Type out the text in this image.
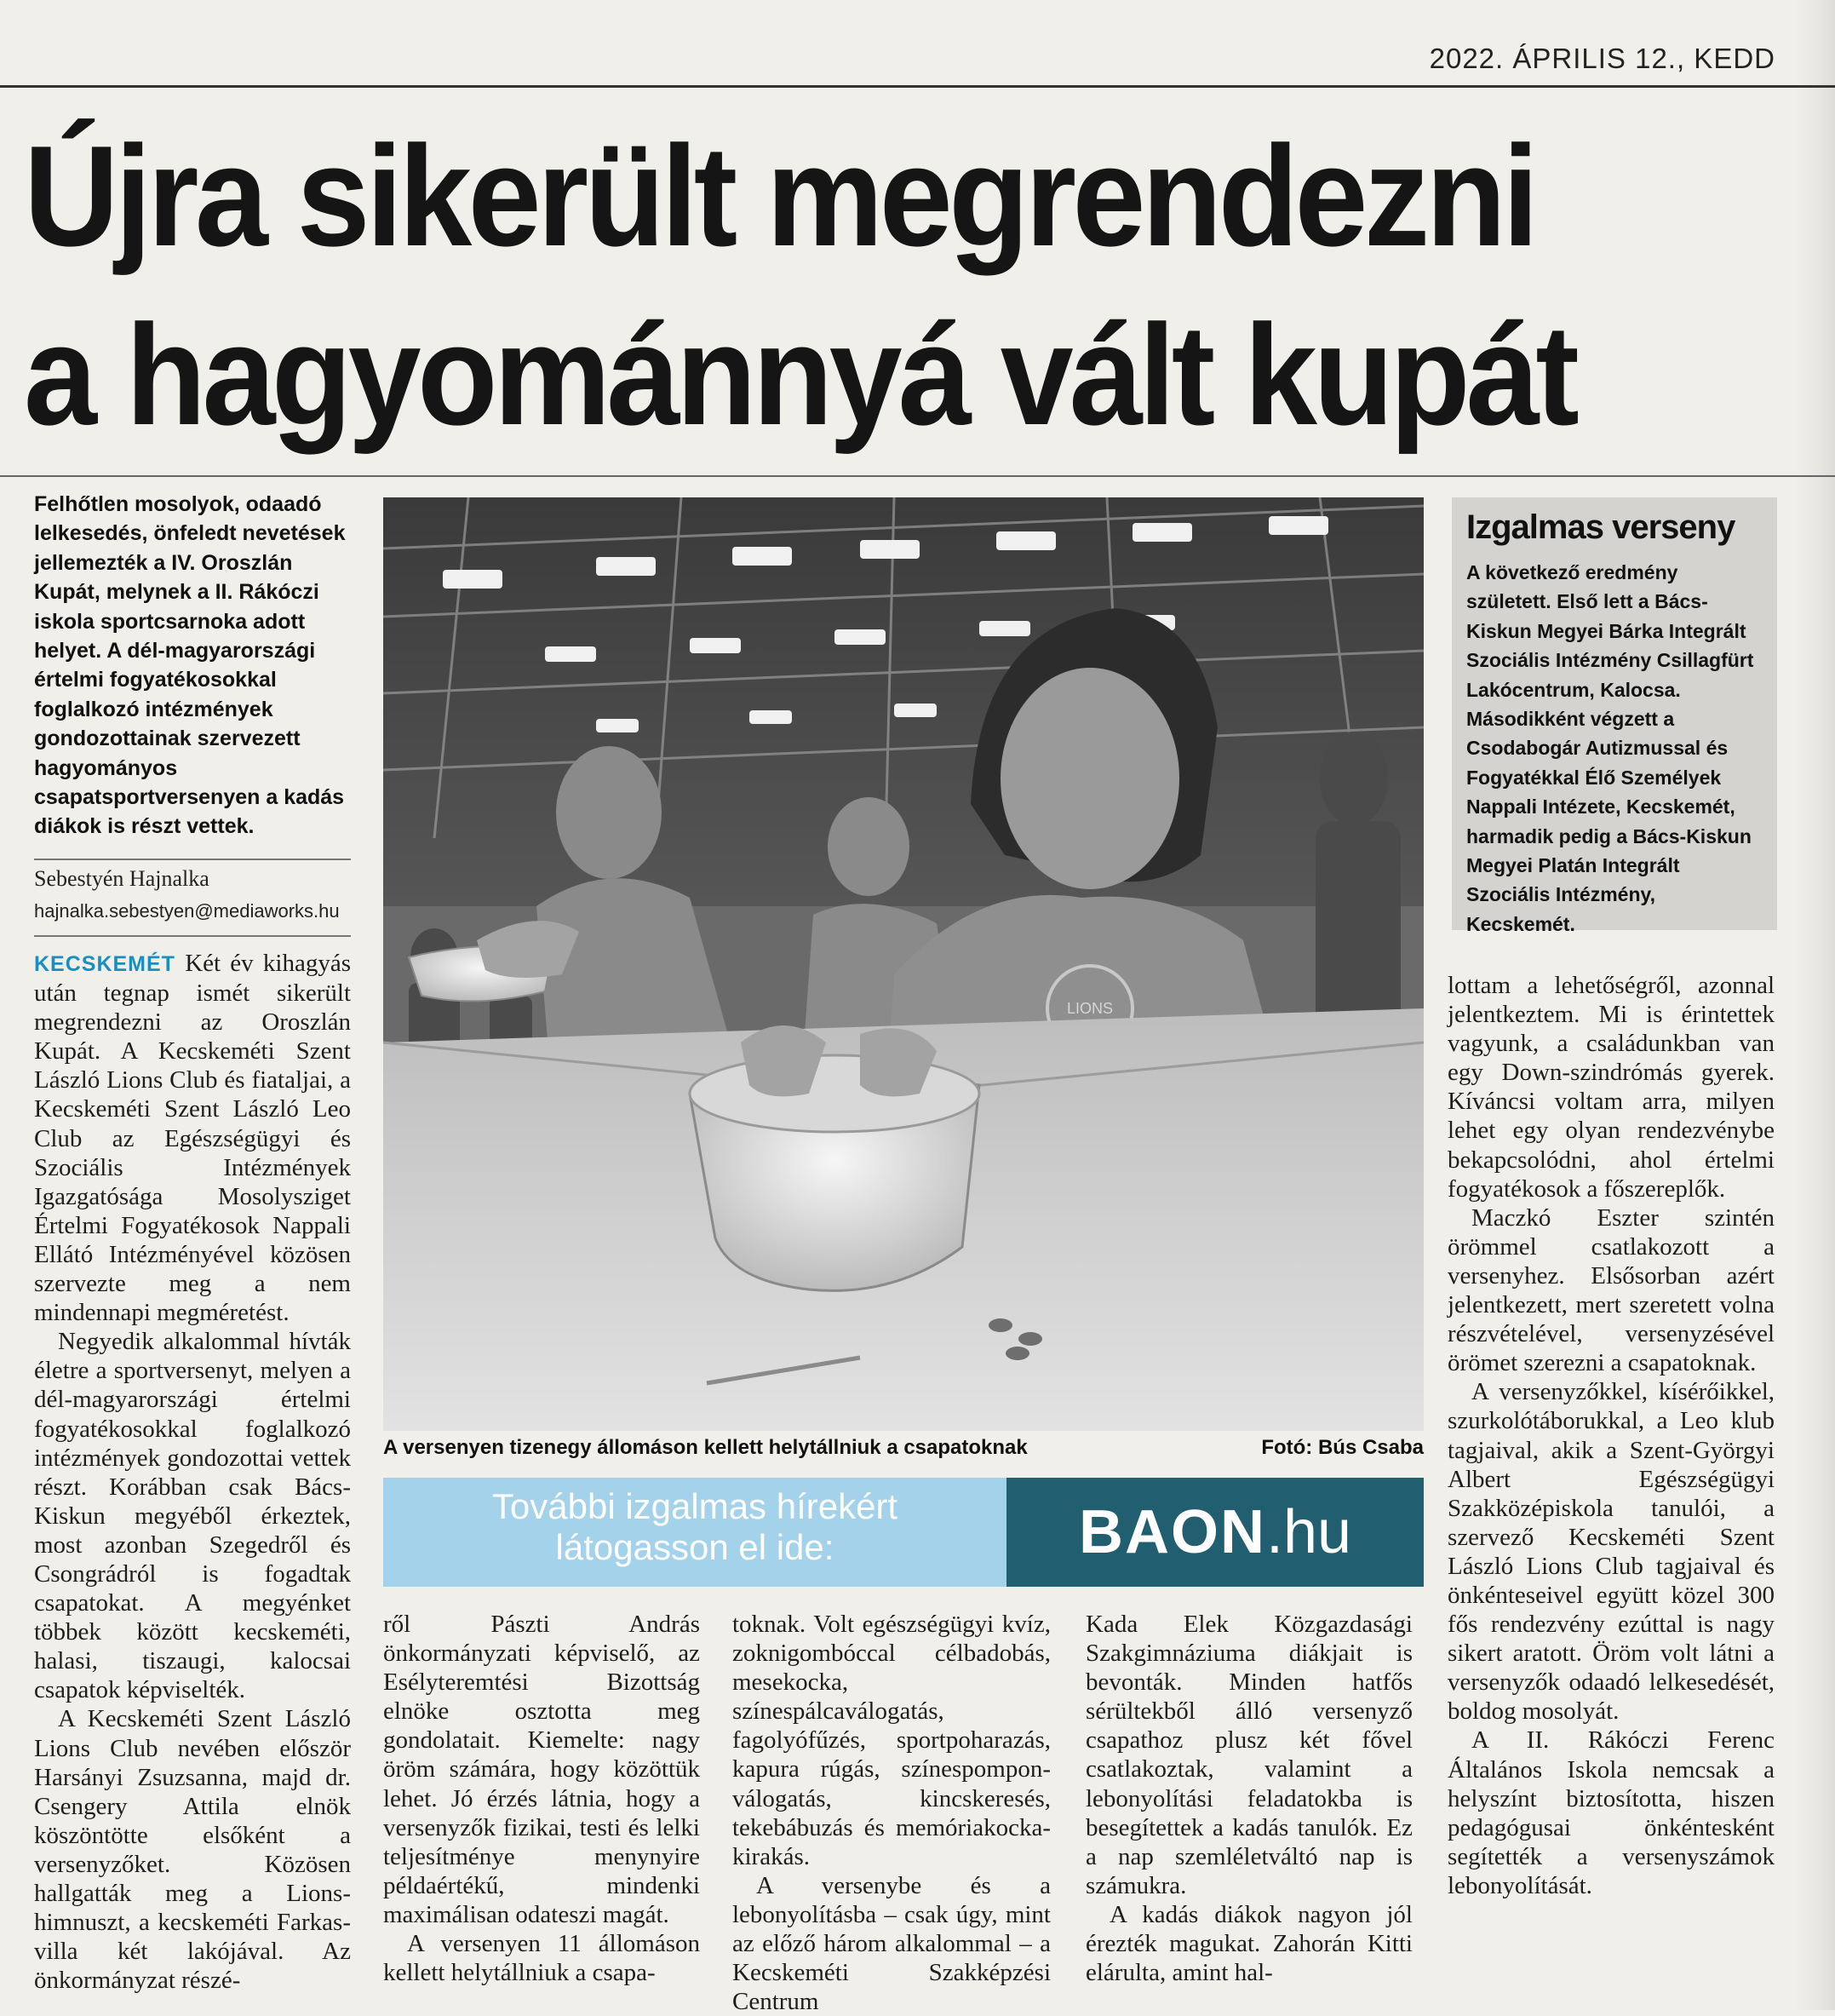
2022. ÁPRILIS 12., KEDD
Újra sikerült megrendezni
a hagyománnyá vált kupát
Felhőtlen mosolyok, odaadó lelkesedés, önfeledt nevetések jellemezték a IV. Oroszlán Kupát, melynek a II. Rákóczi iskola sportcsarnoka adott helyet. A dél-magyarországi értelmi fogyatékosokkal foglalkozó intézmények gondozottainak szervezett hagyományos csapatsportversenyen a kadás diákok is részt vettek.
Sebestyén Hajnalka
hajnalka.sebestyen@mediaworks.hu

KECSKEMÉT Két év kihagyás után tegnap ismét sikerült megrendezni az Oroszlán Kupát. A Kecskeméti Szent László Lions Club és fiataljai, a Kecskeméti Szent László Leo Club az Egészségügyi és Szociális Intézmények Igazgatósága Mosolysziget Értelmi Fogyatékosok Nappali Ellátó Intézményével közösen szervezte meg a nem mindennapi megméretést.

Negyedik alkalommal hívták életre a sportversenyt, melyen a dél-magyarországi értelmi fogyatékosokkal foglalkozó intézmények gondozottai vettek részt. Korábban csak Bács-Kiskun megyéből érkeztek, most azonban Szegedről és Csongrádról is fogadtak csapatokat. A megyénket többek között kecskeméti, halasi, tiszaugi, kalocsai csapatok képviselték.

A Kecskeméti Szent László Lions Club nevében először Harsányi Zsuzsanna, majd dr. Csengery Attila elnök köszöntötte elsőként a versenyzőket. Közösen hallgatták meg a Lions-himnuszt, a kecskeméti Farkas-villa két lakójával. Az önkormányzat részé-

LIONS
A versenyen tizenegy állomáson kellett helytállniuk a csapatoknak	Fotó: Bús Csaba
Izgalmas verseny
A következő eredmény született. Első lett a Bács-Kiskun Megyei Bárka Integrált Szociális Intézmény Csillagfürt Lakócentrum, Kalocsa. Másodikként végzett a Csodabogár Autizmussal és Fogyatékkal Élő Személyek Nappali Intézete, Kecskemét, harmadik pedig a Bács-Kiskun Megyei Platán Integrált Szociális Intézmény, Kecskemét.
További izgalmas hírekért
látogasson el ide:	BAON.hu

ről Pászti András önkormányzati képviselő, az Esélyteremtési Bizottság elnöke osztotta meg gondolatait. Kiemelte: nagy öröm számára, hogy közöttük lehet. Jó érzés látnia, hogy a versenyzők fizikai, testi és lelki teljesítménye menynyire példaértékű, mindenki maximálisan odateszi magát.

A versenyen 11 állomáson kellett helytállniuk a csapa-

toknak. Volt egészségügyi kvíz, zoknigombóccal célbadobás, mesekocka, színespálcaválogatás, fagolyófűzés, sportpoharazás, kapura rúgás, színespompon-válogatás, kincskeresés, tekebábuzás és memóriakocka-kirakás.

A versenybe és a lebonyolításba – csak úgy, mint az előző három alkalommal – a Kecskeméti Szakképzési Centrum

Kada Elek Közgazdasági Szakgimnáziuma diákjait is bevonták. Minden hatfős sérültekből álló versenyző csapathoz plusz két fővel csatlakoztak, valamint a lebonyolítási feladatokba is besegítettek a kadás tanulók. Ez a nap szemléletváltó nap is számukra.

A kadás diákok nagyon jól érezték magukat. Zahorán Kitti elárulta, amint hal-

lottam a lehetőségről, azonnal jelentkeztem. Mi is érintettek vagyunk, a családunkban van egy Down-szindrómás gyerek. Kíváncsi voltam arra, milyen lehet egy olyan rendezvénybe bekapcsolódni, ahol értelmi fogyatékosok a főszereplők.

Maczkó Eszter szintén örömmel csatlakozott a versenyhez. Elsősorban azért jelentkezett, mert szeretett volna részvételével, versenyzésével örömet szerezni a csapatoknak.

A versenyzőkkel, kísérőikkel, szurkolótáborukkal, a Leo klub tagjaival, akik a Szent-Györgyi Albert Egészségügyi Szakközépiskola tanulói, a szervező Kecskeméti Szent László Lions Club tagjaival és önkénteseivel együtt közel 300 fős rendezvény ezúttal is nagy sikert aratott. Öröm volt látni a versenyzők odaadó lelkesedését, boldog mosolyát.

A II. Rákóczi Ferenc Általános Iskola nemcsak a helyszínt biztosította, hiszen pedagógusai önkéntesként segítették a versenyszámok lebonyolítását.
